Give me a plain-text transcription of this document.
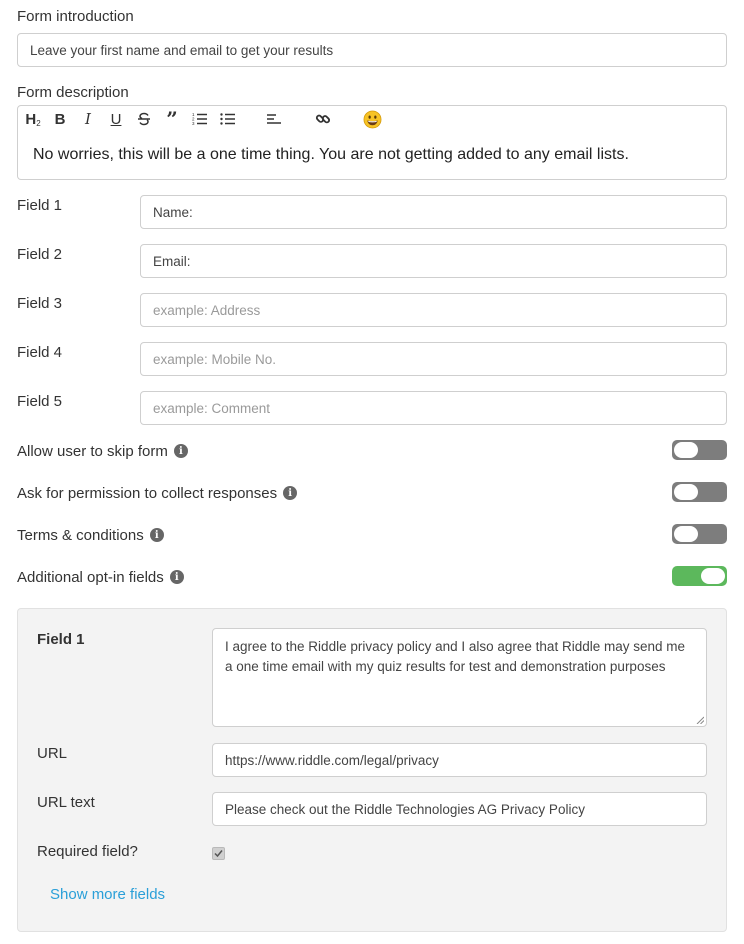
Form introduction
Leave your first name and email to get your results
Form description
H 2 B	I	U ”	1
2
3
No worries, this will be a one time thing. You are not getting added to any email lists.
Field 1	Name:
Field 2	Email:
Field 3	example: Address
Field 4	example: Mobile No.
Field 5	example: Comment
Allow user to skip form	i
Ask for permission to collect responses	i
Terms & conditions	i
Additional opt-in fields	i
Field 1	I agree to the Riddle privacy policy and I also agree that Riddle may send me a one time email with my quiz results for test and demonstration purposes
URL	https://www.riddle.com/legal/privacy
URL text	Please check out the Riddle Technologies AG Privacy Policy
Required field?
Show more fields
